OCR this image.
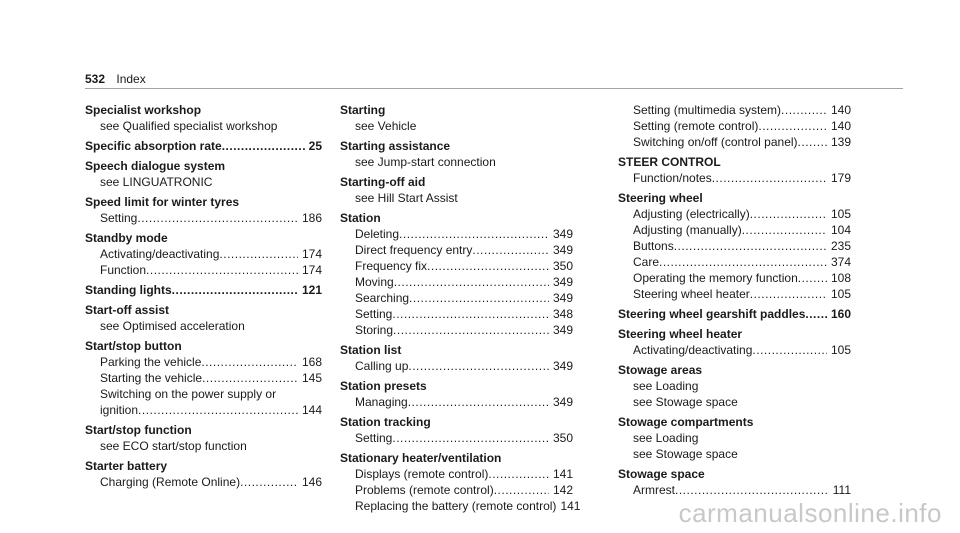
532 Index
Specialist workshop
see Qualified specialist workshop
Specific absorption rate .....	25
Speech dialogue system
see LINGUATRONIC
Speed limit for winter tyres
Setting .....	186
Standby mode
Activating/deactivating .....	174
Function .....	174
Standing lights .....	121
Start-off assist
see Optimised acceleration
Start/stop button
Parking the vehicle .....	168
Starting the vehicle .....	145
Switching on the power supply or
ignition .....	144
Start/stop function
see ECO start/stop function
Starter battery
Charging (Remote Online) .....	146
Starting
see Vehicle
Starting assistance
see Jump-start connection
Starting-off aid
see Hill Start Assist
Station
Deleting .....	349
Direct frequency entry .....	349
Frequency fix .....	350
Moving .....	349
Searching .....	349
Setting .....	348
Storing .....	349
Station list
Calling up .....	349
Station presets
Managing .....	349
Station tracking
Setting .....	350
Stationary heater/ventilation
Displays (remote control) .....	141
Problems (remote control) .....	142
Replacing the battery (remote control) 141
Setting (multimedia system) .....	140
Setting (remote control) .....	140
Switching on/off (control panel) .....	139
STEER CONTROL
Function/notes .....	179
Steering wheel
Adjusting (electrically) .....	105
Adjusting (manually) .....	104
Buttons .....	235
Care .....	374
Operating the memory function .....	108
Steering wheel heater .....	105
Steering wheel gearshift paddles .....	160
Steering wheel heater
Activating/deactivating .....	105
Stowage areas
see Loading
see Stowage space
Stowage compartments
see Loading
see Stowage space
Stowage space
Armrest .....	111
carmanualsonline.info
